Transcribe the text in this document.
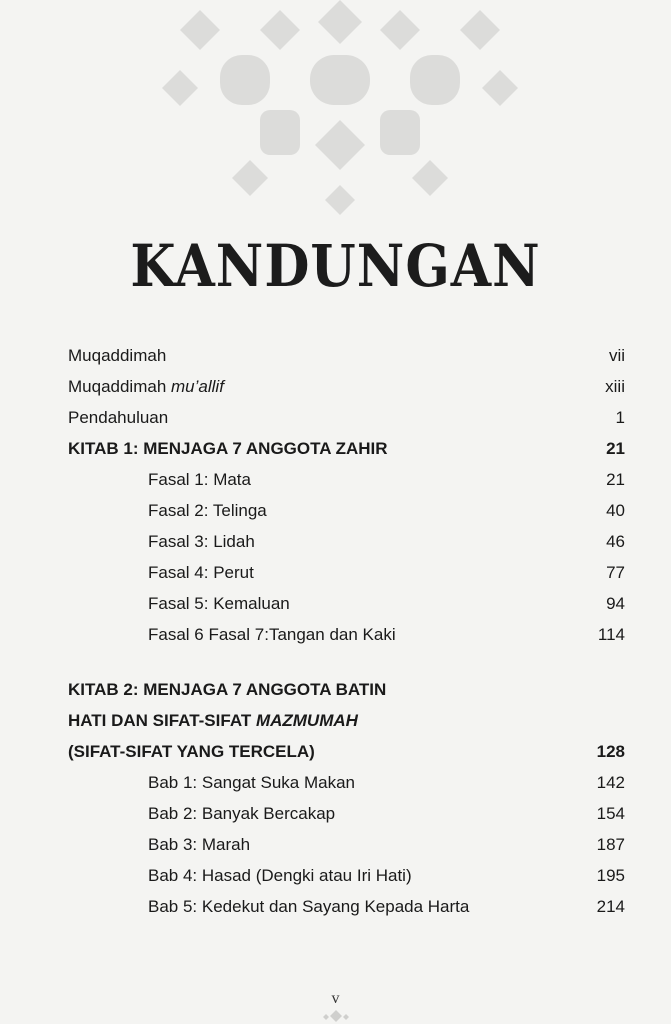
KANDUNGAN
Muqaddimah	vii
Muqaddimah mu’allif	xiii
Pendahuluan	1
KITAB 1: MENJAGA 7 ANGGOTA ZAHIR	21
Fasal 1: Mata	21
Fasal 2: Telinga	40
Fasal 3: Lidah	46
Fasal 4: Perut	77
Fasal 5: Kemaluan	94
Fasal 6 Fasal 7:Tangan dan Kaki	114
KITAB 2: MENJAGA 7 ANGGOTA BATIN
HATI DAN SIFAT-SIFAT MAZMUMAH
(SIFAT-SIFAT YANG TERCELA)	128
Bab 1: Sangat Suka Makan	142
Bab 2: Banyak Bercakap	154
Bab 3: Marah	187
Bab 4: Hasad (Dengki atau Iri Hati)	195
Bab 5: Kedekut dan Sayang Kepada Harta	214
v
